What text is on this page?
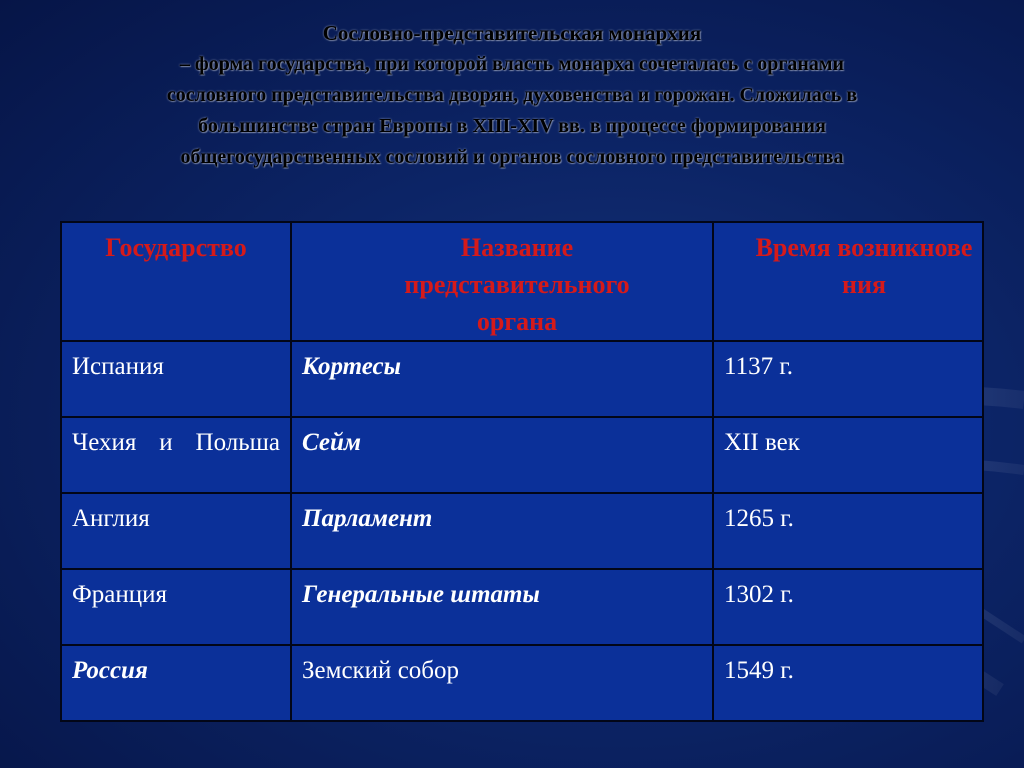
Сословно-представительская монархия
– форма государства, при которой власть монарха сочеталась с органами
сословного представительства дворян, духовенства и горожан. Сложилась в
большинстве стран Европы в XIII-XIV вв. в процессе формирования
общегосударственных сословий и органов сословного представительства
Государство	Название представительного органа	Время возникновения
Испания	Кортесы	1137 г.

Чехия и Польша	Сейм	XII век
Англия	Парламент	1265 г.
Франция	Генеральные штаты	1302 г.
Россия	Земский собор	1549 г.
